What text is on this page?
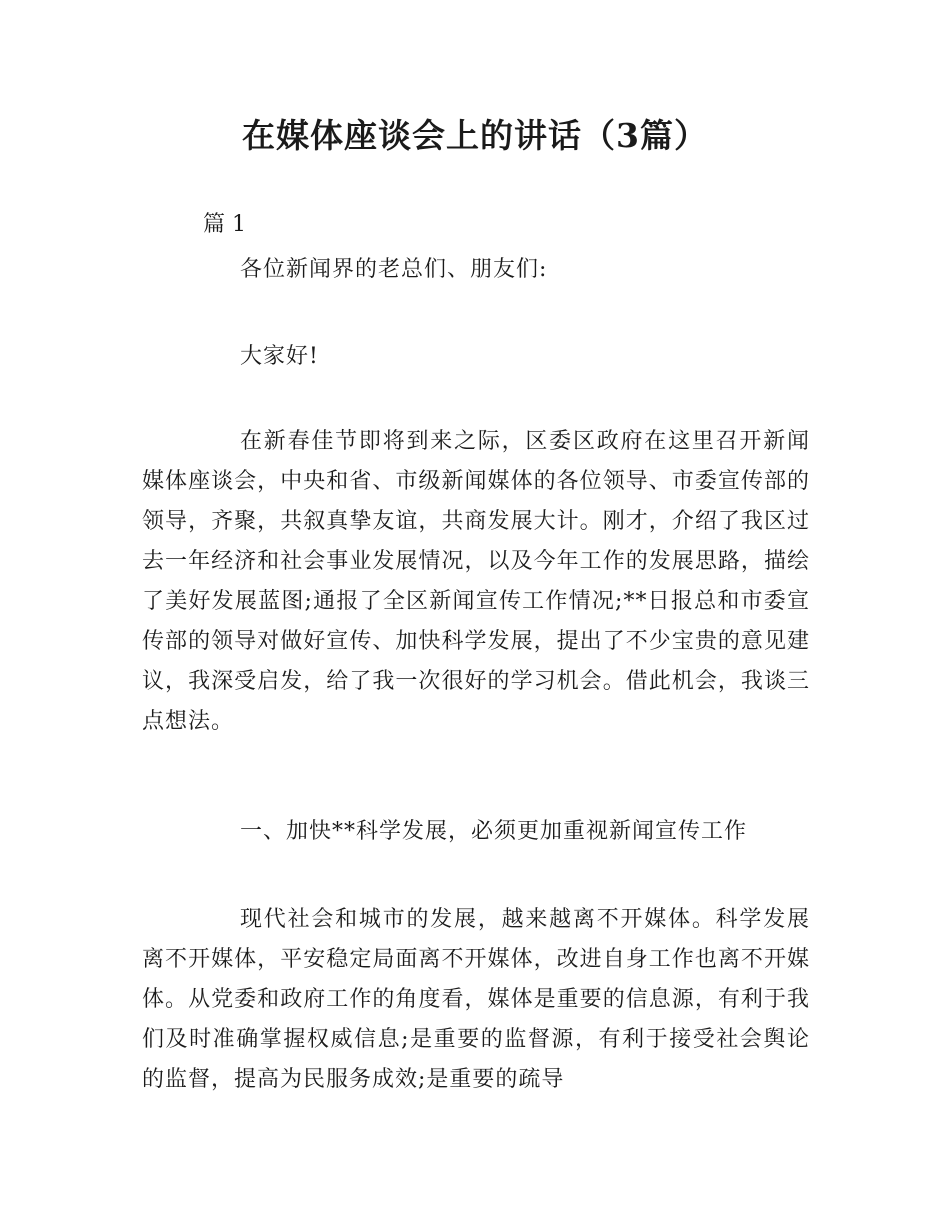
在媒体座谈会上的讲话（3篇）

篇 1

各位新闻界的老总们、朋友们:

大家好!

在新春佳节即将到来之际，区委区政府在这里召开新闻媒体座谈会，中央和省、市级新闻媒体的各位领导、市委宣传部的领导，齐聚，共叙真挚友谊，共商发展大计。刚才，介绍了我区过去一年经济和社会事业发展情况，以及今年工作的发展思路，描绘了美好发展蓝图;通报了全区新闻宣传工作情况;**日报总和市委宣传部的领导对做好宣传、加快科学发展，提出了不少宝贵的意见建议，我深受启发，给了我一次很好的学习机会。借此机会，我谈三点想法。

一、加快**科学发展，必须更加重视新闻宣传工作

现代社会和城市的发展，越来越离不开媒体。科学发展离不开媒体，平安稳定局面离不开媒体，改进自身工作也离不开媒体。从党委和政府工作的角度看，媒体是重要的信息源，有利于我们及时准确掌握权威信息;是重要的监督源，有利于接受社会舆论的监督，提高为民服务成效;是重要的疏导
